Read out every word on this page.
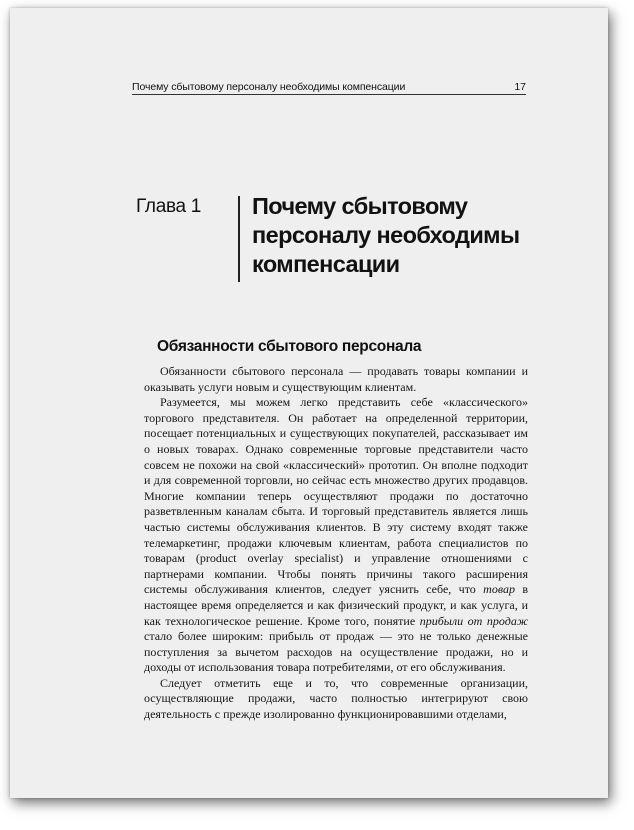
Почему сбытовому персоналу необходимы компенсации	17
Глава 1	Почему сбытовому персоналу необходимы компенсации
Обязанности сбытового персонала

Обязанности сбытового персонала — продавать товары компании и оказывать услуги новым и существующим клиентам.

Разумеется, мы можем легко представить себе «классического» торгового представителя. Он работает на определенной территории, посещает потенциальных и существующих покупателей, рассказывает им о новых товарах. Однако современные торговые представители часто совсем не похожи на свой «классический» прототип. Он вполне подходит и для современной торговли, но сейчас есть множество других продавцов. Многие компании теперь осуществляют продажи по достаточно разветвленным каналам сбыта. И торговый представитель является лишь частью системы обслуживания клиентов. В эту систему входят также телемаркетинг, продажи ключевым клиентам, работа специалистов по товарам (product overlay specialist) и управление отношениями с партнерами компании. Чтобы понять причины такого расширения системы обслуживания клиентов, следует уяснить себе, что товар в настоящее время определяется и как физический продукт, и как услуга, и как технологическое решение. Кроме того, понятие прибыли от продаж стало более широким: прибыль от продаж — это не только денежные поступления за вычетом расходов на осуществление продажи, но и доходы от использования товара потребителями, от его обслуживания.

Следует отметить еще и то, что современные организации, осуществляющие продажи, часто полностью интегрируют свою деятельность с прежде изолированно функционировавшими отделами,
